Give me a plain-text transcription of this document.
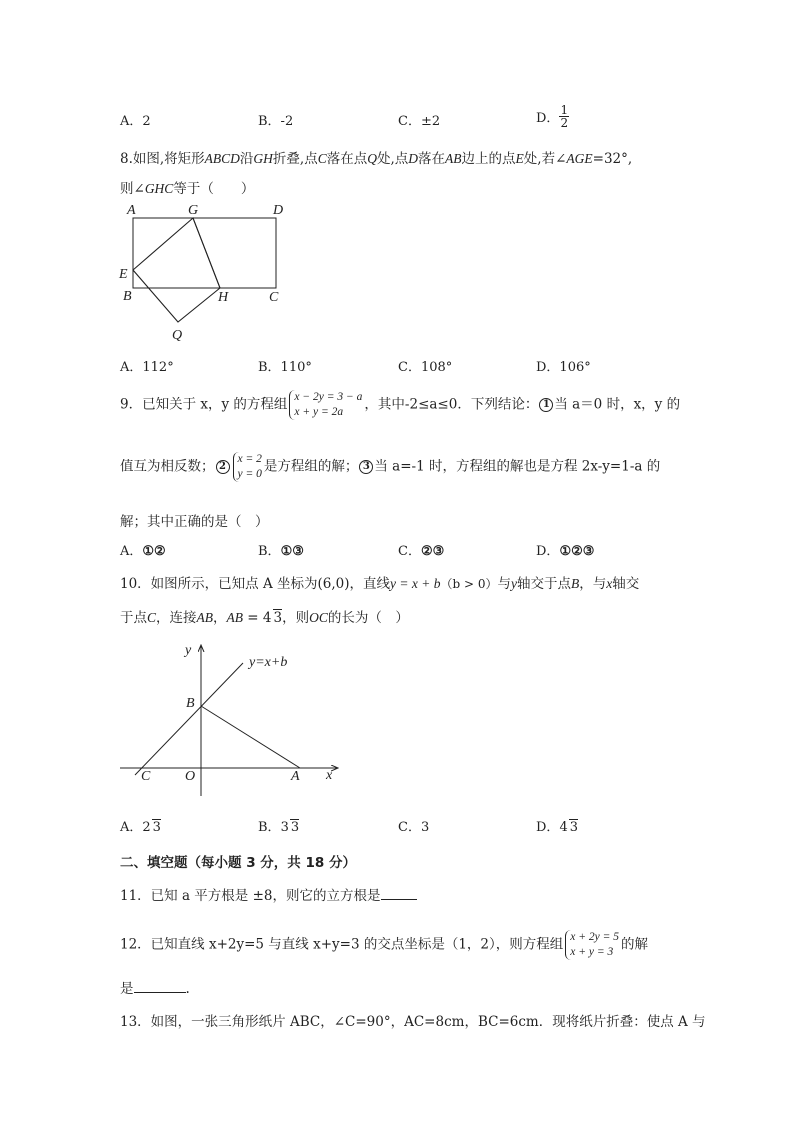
A．2	B．-2	C．±2	D． $\frac{1}{2}$
8.如图,将矩形ABCD沿GH折叠,点C落在点Q处,点D落在AB边上的点E处,若∠AGE=32°,
则∠GHC等于（　　）
A	G	D
E
B	H	C
Q
A．112°	B．110°	C．108°	D．106°
9．已知关于 x，y 的方程组 x − 2y = 3 − a
x + y = 2a	，其中-2≤a≤0．下列结论： 1 当 a＝0 时，x，y 的
值互为相反数； 2
x = 2
y = 0 是方程组的解； 3 当 a=-1 时，方程组的解也是方程 2x-y=1-a 的
解；其中正确的是（　）
A．①②	B．①③	C．②③	D．①②③
10．如图所示，已知点 A 坐标为(6,0)，直线y = x + b（b > 0）与y轴交于点B，与x轴交
于点C，连接AB，AB = 4 3，则OC的长为（　）
y
y=x+b
B
C O	A x
A．2 3	B．3 3	C．3	D．4 3
二、填空题（每小题 3 分，共 18 分）
11．已知 a 平方根是 ±8，则它的立方根是
12．已知直线 x+2y=5 与直线 x+y=3 的交点坐标是（1，2），则方程组 x + 2y = 5
x + y = 3 的解
是	.
13．如图，一张三角形纸片 ABC，∠C=90°，AC=8cm，BC=6cm．现将纸片折叠：使点 A 与
